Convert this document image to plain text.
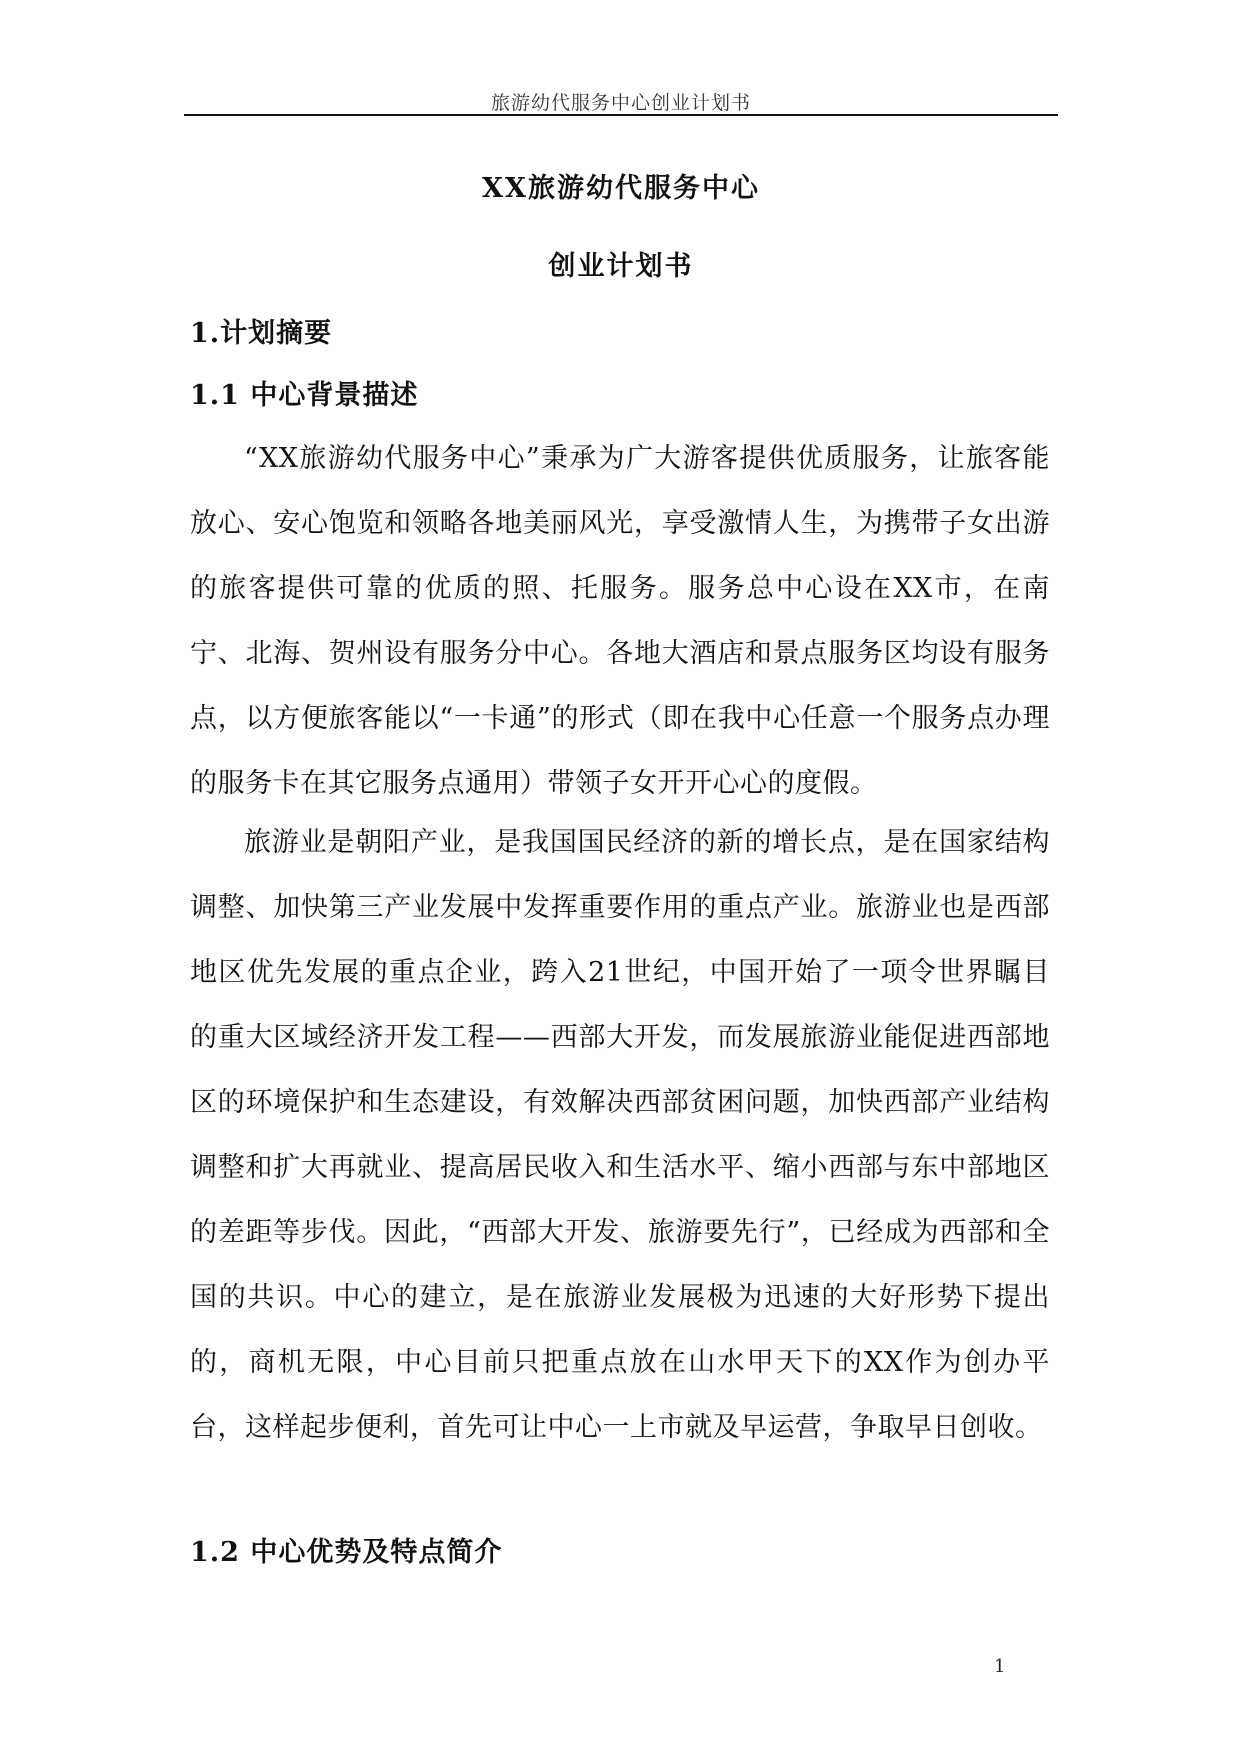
旅游幼代服务中心创业计划书
XX旅游幼代服务中心
创业计划书
1.计划摘要
1.1 中心背景描述

“XX旅游幼代服务中心”秉承为广大游客提供优质服务，让旅客能放心、安心饱览和领略各地美丽风光，享受激情人生，为携带子女出游的旅客提供可靠的优质的照、托服务。服务总中心设在XX市，在南宁、北海、贺州设有服务分中心。各地大酒店和景点服务区均设有服务点，以方便旅客能以“一卡通”的形式（即在我中心任意一个服务点办理的服务卡在其它服务点通用）带领子女开开心心的度假。

旅游业是朝阳产业，是我国国民经济的新的增长点，是在国家结构调整、加快第三产业发展中发挥重要作用的重点产业。旅游业也是西部地区优先发展的重点企业，跨入21世纪，中国开始了一项令世界瞩目的重大区域经济开发工程——西部大开发，而发展旅游业能促进西部地区的环境保护和生态建设，有效解决西部贫困问题，加快西部产业结构调整和扩大再就业、提高居民收入和生活水平、缩小西部与东中部地区的差距等步伐。因此，“西部大开发、旅游要先行”，已经成为西部和全国的共识。中心的建立，是在旅游业发展极为迅速的大好形势下提出的，商机无限，中心目前只把重点放在山水甲天下的XX作为创办平台，这样起步便利，首先可让中心一上市就及早运营，争取早日创收。

1.2 中心优势及特点简介
1
